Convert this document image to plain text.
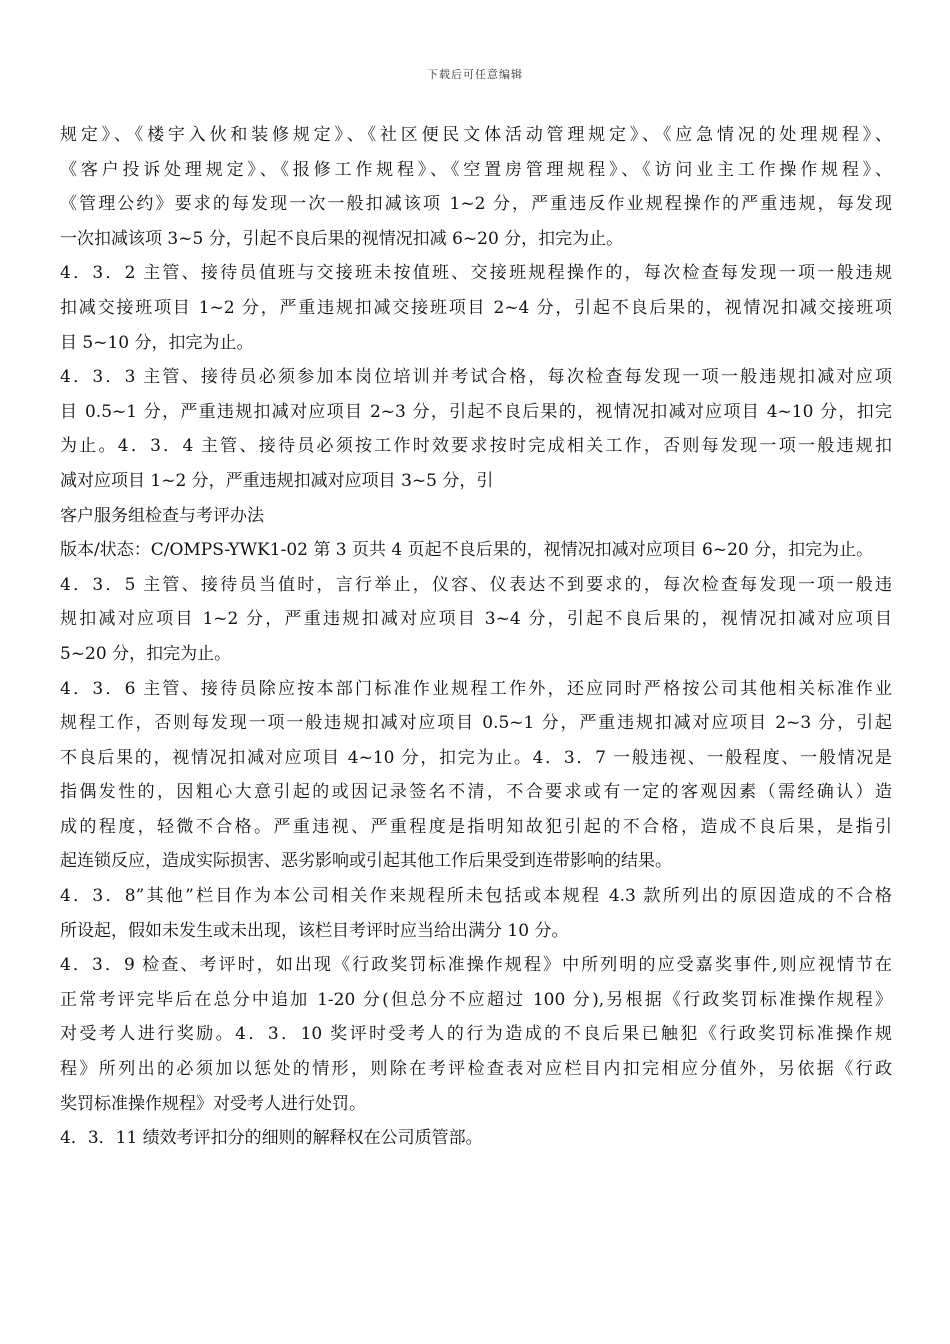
下载后可任意编辑
规定》、《楼宇入伙和装修规定》、《社区便民文体活动管理规定》、《应急情况的处理规程》、
《客户投诉处理规定》、《报修工作规程》、《空置房管理规程》、《访问业主工作操作规程》、
《管理公约》要求的每发现一次一般扣减该项 1~2 分，严重违反作业规程操作的严重违规，每发现
一次扣减该项 3~5 分，引起不良后果的视情况扣减 6~20 分，扣完为止。
4．3．2 主管、接待员值班与交接班未按值班、交接班规程操作的，每次检查每发现一项一般违规
扣减交接班项目 1~2 分，严重违规扣减交接班项目 2~4 分，引起不良后果的，视情况扣减交接班项
目 5~10 分，扣完为止。
4．3．3 主管、接待员必须参加本岗位培训并考试合格，每次检查每发现一项一般违规扣减对应项
目 0.5~1 分，严重违规扣减对应项目 2~3 分，引起不良后果的，视情况扣减对应项目 4~10 分，扣完
为止。4．3．4 主管、接待员必须按工作时效要求按时完成相关工作，否则每发现一项一般违规扣
减对应项目 1~2 分，严重违规扣减对应项目 3~5 分，引
客户服务组检查与考评办法
版本/状态：C/OMPS-YWK1-02 第 3 页共 4 页起不良后果的，视情况扣减对应项目 6~20 分，扣完为止。
4．3．5 主管、接待员当值时，言行举止，仪容、仪表达不到要求的，每次检查每发现一项一般违
规扣减对应项目 1~2 分，严重违规扣减对应项目 3~4 分，引起不良后果的，视情况扣减对应项目
5~20 分，扣完为止。
4．3．6 主管、接待员除应按本部门标准作业规程工作外，还应同时严格按公司其他相关标准作业
规程工作，否则每发现一项一般违规扣减对应项目 0.5~1 分，严重违规扣减对应项目 2~3 分，引起
不良后果的，视情况扣减对应项目 4~10 分，扣完为止。4．3．7 一般违视、一般程度、一般情况是
指偶发性的，因粗心大意引起的或因记录签名不清，不合要求或有一定的客观因素（需经确认）造
成的程度，轻微不合格。严重违视、严重程度是指明知故犯引起的不合格，造成不良后果，是指引
起连锁反应，造成实际损害、恶劣影响或引起其他工作后果受到连带影响的结果。
4．3．8”其他”栏目作为本公司相关作来规程所未包括或本规程 4.3 款所列出的原因造成的不合格
所设起，假如未发生或未出现，该栏目考评时应当给出满分 10 分。
4．3．9 检查、考评时，如出现《行政奖罚标准操作规程》中所列明的应受嘉奖事件,则应视情节在
正常考评完毕后在总分中追加 1-20 分(但总分不应超过 100 分),另根据《行政奖罚标准操作规程》
对受考人进行奖励。4．3．10 奖评时受考人的行为造成的不良后果已触犯《行政奖罚标准操作规
程》所列出的必须加以惩处的情形，则除在考评检查表对应栏目内扣完相应分值外，另依据《行政
奖罚标准操作规程》对受考人进行处罚。
4．3．11 绩效考评扣分的细则的解释权在公司质管部。
